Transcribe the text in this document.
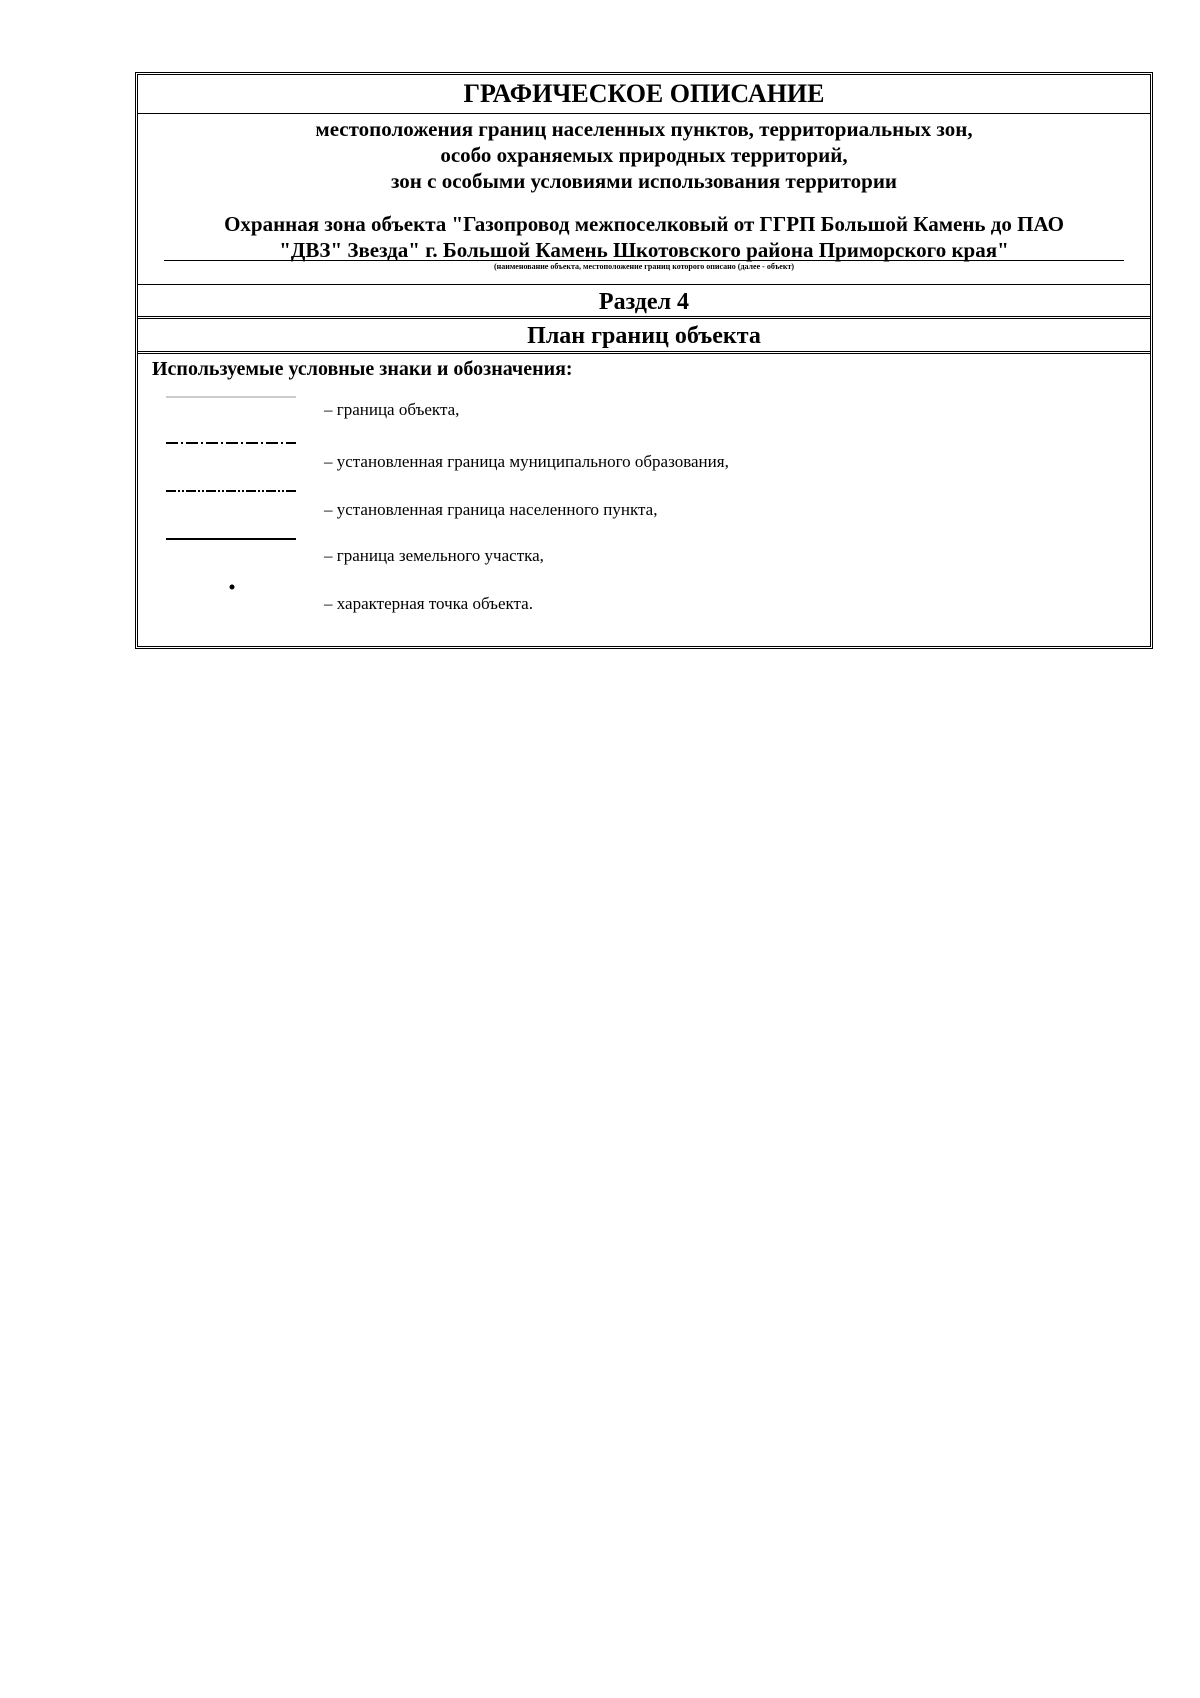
ГРАФИЧЕСКОЕ ОПИСАНИЕ
местоположения границ населенных пунктов, территориальных зон,
особо охраняемых природных территорий,
зон с особыми условиями использования территории
Охранная зона объекта "Газопровод межпоселковый от ГГРП Большой Камень до ПАО
"ДВЗ" Звезда" г. Большой Камень Шкотовского района Приморского края"
(наименование объекта, местоположение границ которого описано (далее - объект)
Раздел 4
План границ объекта
Используемые условные знаки и обозначения:
– граница объекта,
– установленная граница муниципального образования,
– установленная граница населенного пункта,
– граница земельного участка,
– характерная точка объекта.
